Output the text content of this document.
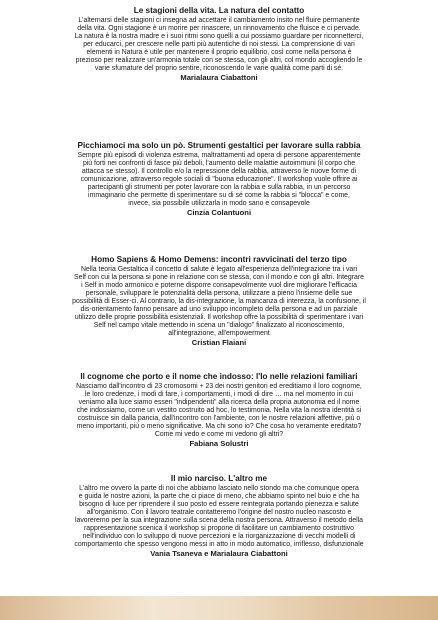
Le stagioni della vita. La natura del contatto

L'alternarsi delle stagioni ci insegna ad accettare il cambiamento insito nel fluire permanente

della vita. Ogni stagione è un morire per rinascere, un rinnovamento che fluisce e ci pervade.

La natura è la nostra madre e i suoi ritmi sono quelli a cui possiamo guardare per riconnetterci,

per educarci, per crescere nelle parti più autentiche di noi stessi. La comprensione di vari

elementi in Natura è utile per mantenere il proprio equilibrio, così come nella persona è

prezioso per realizzare un'armonia totale con se stessa, con gli altri, col mondo accogliendo le

varie sfumature del proprio sentire, riconoscendo le varie qualità come parti di sé.

Marialaura Ciabattoni

Picchiamoci ma solo un pò. Strumenti gestaltici per lavorare sulla rabbia

Sempre più episodi di violenza estrema, maltrattamenti ad opera di persone apparentemente

più forti nei confronti di fasce più deboli, l'aumento delle malattie autoimmuni (il corpo che

attacca se stesso). Il controllo e/o la repressione della rabbia, attraverso le nuove forme di

comunicazione, attraverso regole sociali di "buona educazione". Il workshop vuole offrire ai

partecipanti gli strumenti per poter lavorare con la rabbia e sulla rabbia, in un percorso

immaginario che permette di sperimentare su di sé come la rabbia si "blocca" e come,

invece, sia possibile utilizzarla in modo sano e consapevole

Cinzia Colantuoni

Homo Sapiens & Homo Demens: incontri ravvicinati del terzo tipo

Nella teoria Gestaltica il concetto di salute è legato all'esperienza dell'integrazione tra i vari

Self con cui la persona si pone in relazione con se stessa, con il mondo e con gli altri. Integrare

i Self in modo armonico e poterne disporre consapevolmente vuol dire migliorare l'efficacia

personale, sviluppare le potenzialità della persona, utilizzare a pieno l'insieme delle sue

possibilità di Esser-ci. Al contrario, la dis-integrazione, la mancanza di interezza, la confusione, il

dis-orientamento fanno pensare ad uno sviluppo incompleto della persona e ad un parziale

utilizzo delle proprie possibilità esistenziali. Il workshop offre la possibilità di sperimentare i vari

Self nel campo vitale mettendo in scena un "dialogo" finalizzato al riconoscimento,

all'integrazione, all'empowerment

Cristian Flaiani

Il cognome che porto e il nome che indosso: l'Io nelle relazioni familiari

Nasciamo dall'incontro di 23 cromosomi + 23 dei nostri genitori ed ereditiamo il loro cognome,

le loro credenze, i modi di fare, i comportamenti, i modi di dire … ma nel momento in cui

veniamo alla luce siamo esseri "indipendenti" alla ricerca della propria autonomia ed il nome

che indossiamo, come un vestito costruito ad hoc, lo testimonia. Nella vita la nostra identità si

costruisce sin dalla pancia, dall'incontro con l'ambiente, con le nostre relazioni affettive, più o

meno importanti, più o meno significative. Ma chi sono io? Che cosa ho veramente ereditato?

Come mi vedo e come mi vedono gli altri?

Fabiana Solustri

Il mio narciso. L'altro me

L'altro me ovvero la parte di noi che abbiamo lasciato nello stondo ma che comunque opera

e guida le nostre azioni, la parte che ci piace di meno, che abbiamo spinto nel buio e che ha

bisogno di luce per riprendere il suo posto ed essere reintegrata portando pienezza e salute

all'organismo. Con il lavoro teatrale contatteremo l'origine del nostro nucleo nascosto e

lavoreremo per la sua integrazione sulla scena della nostra persona. Attraverso il metodo della

rappresentazione scenica il workshop si propone di facilitare un cambiamento costruttivo

nell'individuo con lo sviluppo di nuove percezioni e la riorganizzazione di vecchi modelli di

comportamento che spesso vengono messi in atto in modo automatico, irriflesso, disfunzionale

Vania Tsaneva e Marialaura Ciabattoni
